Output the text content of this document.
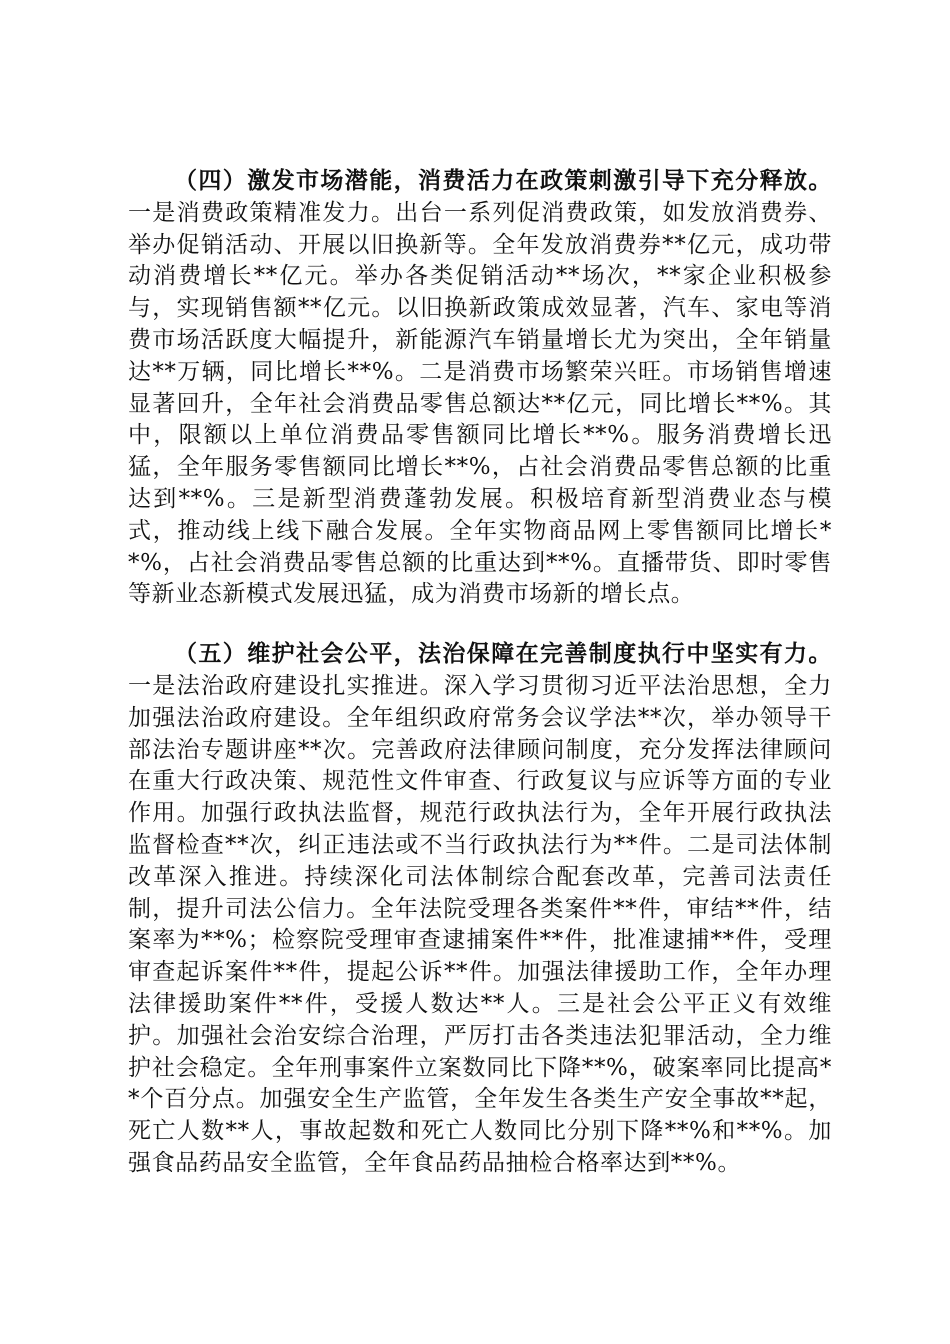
（四）激发市场潜能，消费活力在政策刺激引导下充分释放。一是消费政策精准发力。出台一系列促消费政策，如发放消费券、举办促销活动、开展以旧换新等。全年发放消费券**亿元，成功带动消费增长**亿元。举办各类促销活动**场次，**家企业积极参与，实现销售额**亿元。以旧换新政策成效显著，汽车、家电等消费市场活跃度大幅提升，新能源汽车销量增长尤为突出，全年销量达**万辆，同比增长**%。二是消费市场繁荣兴旺。市场销售增速显著回升，全年社会消费品零售总额达**亿元，同比增长**%。其中，限额以上单位消费品零售额同比增长**%。服务消费增长迅猛，全年服务零售额同比增长**%，占社会消费品零售总额的比重达到**%。三是新型消费蓬勃发展。积极培育新型消费业态与模式，推动线上线下融合发展。全年实物商品网上零售额同比增长**%，占社会消费品零售总额的比重达到**%。直播带货、即时零售等新业态新模式发展迅猛，成为消费市场新的增长点。

（五）维护社会公平，法治保障在完善制度执行中坚实有力。一是法治政府建设扎实推进。深入学习贯彻习近平法治思想，全力加强法治政府建设。全年组织政府常务会议学法**次，举办领导干部法治专题讲座**次。完善政府法律顾问制度，充分发挥法律顾问在重大行政决策、规范性文件审查、行政复议与应诉等方面的专业作用。加强行政执法监督，规范行政执法行为，全年开展行政执法监督检查**次，纠正违法或不当行政执法行为**件。二是司法体制改革深入推进。持续深化司法体制综合配套改革，完善司法责任制，提升司法公信力。全年法院受理各类案件**件，审结**件，结案率为**%；检察院受理审查逮捕案件**件，批准逮捕**件，受理审查起诉案件**件，提起公诉**件。加强法律援助工作，全年办理法律援助案件**件，受援人数达**人。三是社会公平正义有效维护。加强社会治安综合治理，严厉打击各类违法犯罪活动，全力维护社会稳定。全年刑事案件立案数同比下降**%，破案率同比提高**个百分点。加强安全生产监管，全年发生各类生产安全事故**起，死亡人数**人，事故起数和死亡人数同比分别下降**%和**%。加强食品药品安全监管，全年食品药品抽检合格率达到**%。
